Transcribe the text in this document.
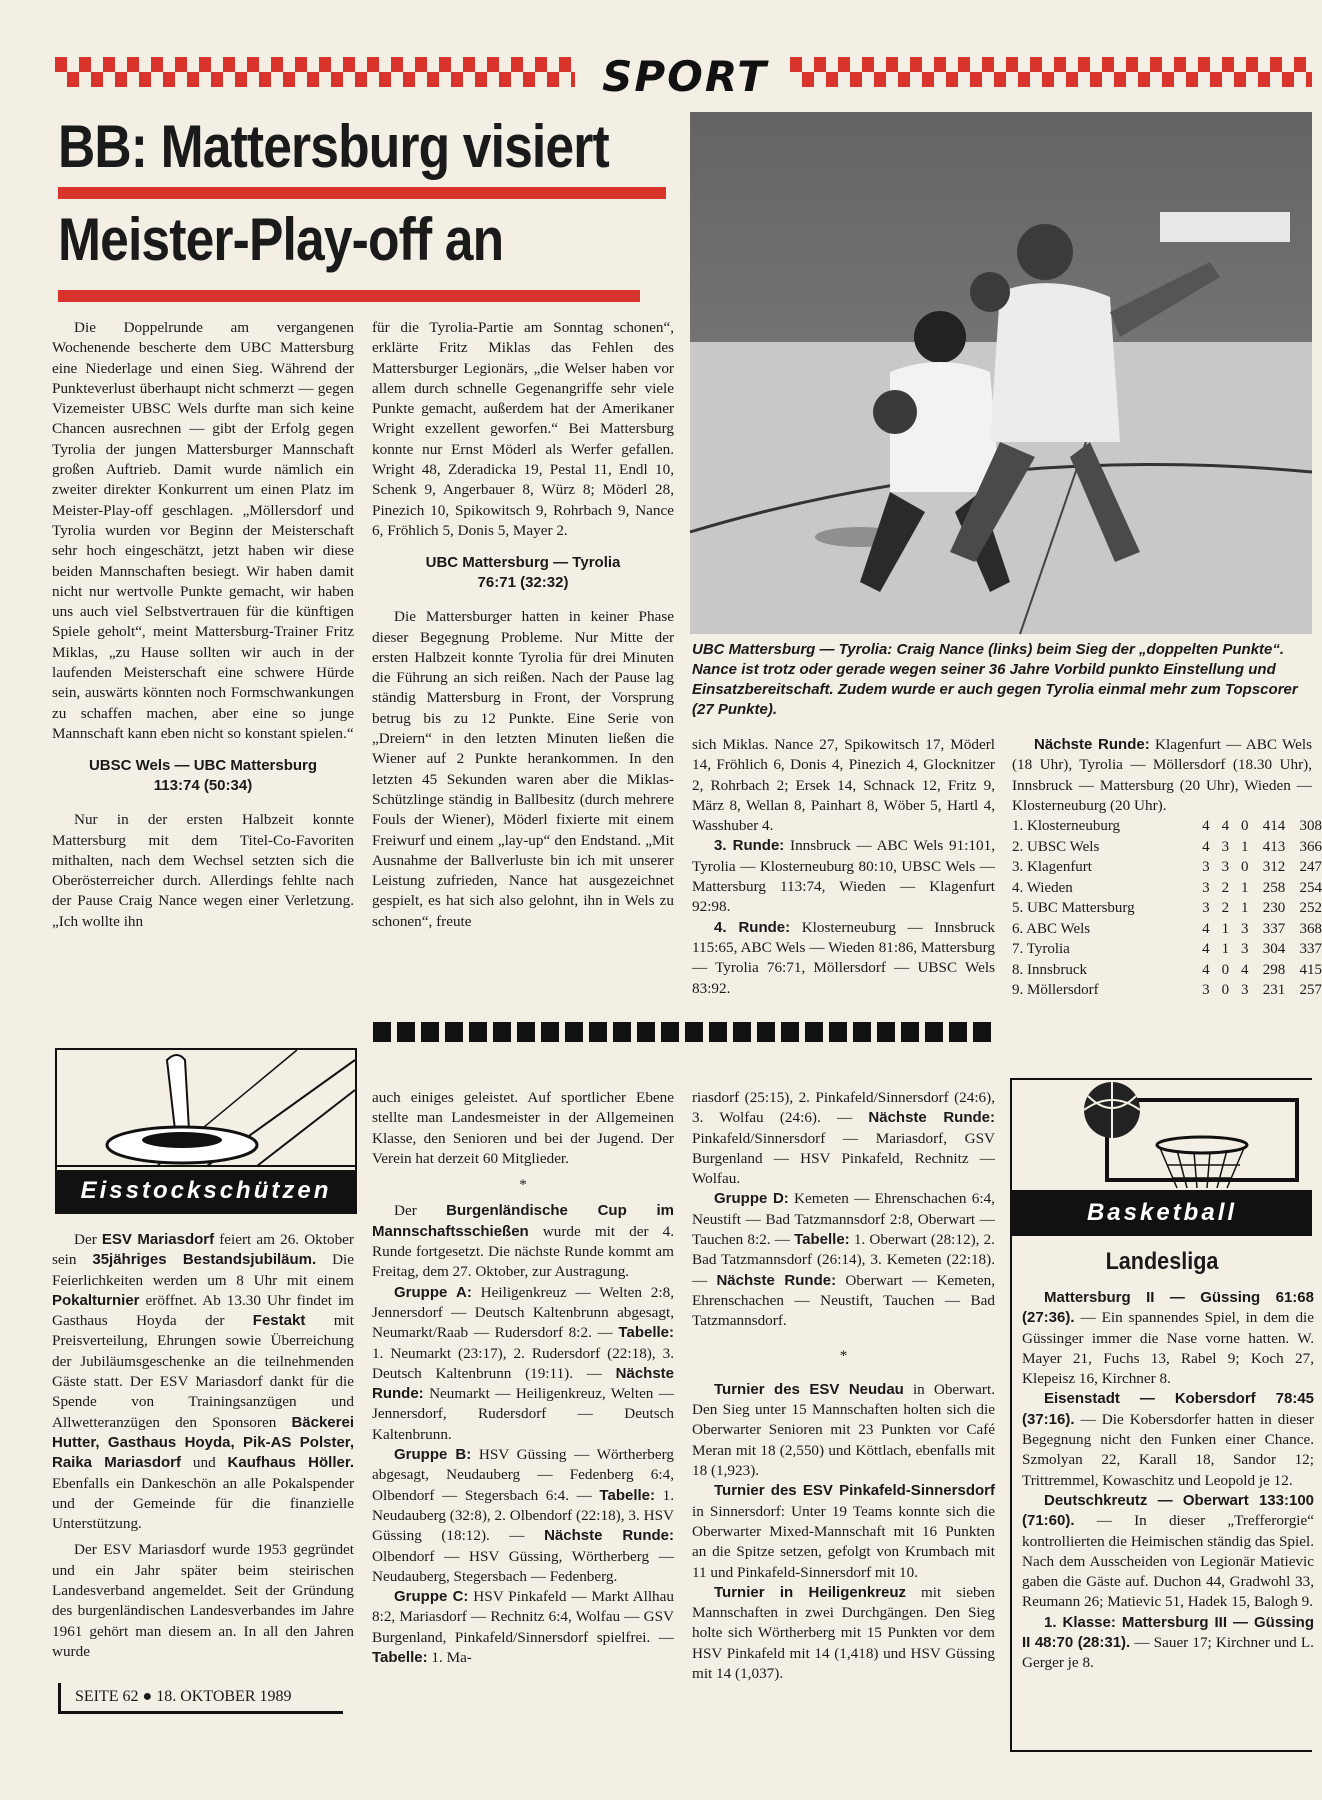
SPORT
BB: Mattersburg visiert
Meister-Play-off an

Die Doppelrunde am vergangenen Wochenende bescherte dem UBC Mattersburg eine Niederlage und einen Sieg. Während der Punkteverlust überhaupt nicht schmerzt — gegen Vizemeister UBSC Wels durfte man sich keine Chancen ausrechnen — gibt der Erfolg gegen Tyrolia der jungen Mattersburger Mannschaft großen Auftrieb. Damit wurde nämlich ein zweiter direkter Konkurrent um einen Platz im Meister-Play-off geschlagen. „Möllersdorf und Tyrolia wurden vor Beginn der Meisterschaft sehr hoch eingeschätzt, jetzt haben wir diese beiden Mannschaften besiegt. Wir haben damit nicht nur wertvolle Punkte gemacht, wir haben uns auch viel Selbstvertrauen für die künftigen Spiele geholt“, meint Mattersburg-Trainer Fritz Miklas, „zu Hause sollten wir auch in der laufenden Meisterschaft eine schwere Hürde sein, auswärts könnten noch Formschwankungen zu schaffen machen, aber eine so junge Mannschaft kann eben nicht so konstant spielen.“

UBSC Wels — UBC Mattersburg
113:74 (50:34)

Nur in der ersten Halbzeit konnte Mattersburg mit dem Titel-Co-Favoriten mithalten, nach dem Wechsel setzten sich die Oberösterreicher durch. Allerdings fehlte nach der Pause Craig Nance wegen einer Verletzung. „Ich wollte ihn

für die Tyrolia-Partie am Sonntag schonen“, erklärte Fritz Miklas das Fehlen des Mattersburger Legionärs, „die Welser haben vor allem durch schnelle Gegenangriffe sehr viele Punkte gemacht, außerdem hat der Amerikaner Wright exzellent geworfen.“ Bei Mattersburg konnte nur Ernst Möderl als Werfer gefallen. Wright 48, Zderadicka 19, Pestal 11, Endl 10, Schenk 9, Angerbauer 8, Würz 8; Möderl 28, Pinezich 10, Spikowitsch 9, Rohrbach 9, Nance 6, Fröhlich 5, Donis 5, Mayer 2.

UBC Mattersburg — Tyrolia
76:71 (32:32)

Die Mattersburger hatten in keiner Phase dieser Begegnung Probleme. Nur Mitte der ersten Halbzeit konnte Tyrolia für drei Minuten die Führung an sich reißen. Nach der Pause lag ständig Mattersburg in Front, der Vorsprung betrug bis zu 12 Punkte. Eine Serie von „Dreiern“ in den letzten Minuten ließen die Wiener auf 2 Punkte herankommen. In den letzten 45 Sekunden waren aber die Miklas-Schützlinge ständig in Ballbesitz (durch mehrere Fouls der Wiener), Möderl fixierte mit einem Freiwurf und einem „lay-up“ den Endstand. „Mit Ausnahme der Ballverluste bin ich mit unserer Leistung zufrieden, Nance hat ausgezeichnet gespielt, es hat sich also gelohnt, ihn in Wels zu schonen“, freute

UBC Mattersburg — Tyrolia: Craig Nance (links) beim Sieg der „doppelten Punkte“. Nance ist trotz oder gerade wegen seiner 36 Jahre Vorbild punkto Einstellung und Einsatzbereitschaft. Zudem wurde er auch gegen Tyrolia einmal mehr zum Topscorer (27 Punkte).

sich Miklas. Nance 27, Spikowitsch 17, Möderl 14, Fröhlich 6, Donis 4, Pinezich 4, Glocknitzer 2, Rohrbach 2; Ersek 14, Schnack 12, Fritz 9, März 8, Wellan 8, Painhart 8, Wöber 5, Hartl 4, Wasshuber 4.

3. Runde: Innsbruck — ABC Wels 91:101, Tyrolia — Klosterneuburg 80:10, UBSC Wels — Mattersburg 113:74, Wieden — Klagenfurt 92:98.

4. Runde: Klosterneuburg — Innsbruck 115:65, ABC Wels — Wieden 81:86, Mattersburg — Tyrolia 76:71, Möllersdorf — UBSC Wels 83:92.

Nächste Runde: Klagenfurt — ABC Wels (18 Uhr), Tyrolia — Möllersdorf (18.30 Uhr), Innsbruck — Mattersburg (20 Uhr), Wieden — Klosterneuburg (20 Uhr).

1. Klosterneuburg	4	4	0	414	308
2. UBSC Wels	4	3	1	413	366
3. Klagenfurt	3	3	0	312	247
4. Wieden	3	2	1	258	254
5. UBC Mattersburg	3	2	1	230	252
6. ABC Wels	4	1	3	337	368
7. Tyrolia	4	1	3	304	337
8. Innsbruck	4	0	4	298	415
9. Möllersdorf	3	0	3	231	257
Eisstockschützen

Der ESV Mariasdorf feiert am 26. Oktober sein 35jähriges Bestandsjubiläum. Die Feierlichkeiten werden um 8 Uhr mit einem Pokalturnier eröffnet. Ab 13.30 Uhr findet im Gasthaus Hoyda der Festakt mit Preisverteilung, Ehrungen sowie Überreichung der Jubiläumsgeschenke an die teilnehmenden Gäste statt. Der ESV Mariasdorf dankt für die Spende von Trainingsanzügen und Allwetteranzügen den Sponsoren Bäckerei Hutter, Gasthaus Hoyda, Pik-AS Polster, Raika Mariasdorf und Kaufhaus Höller. Ebenfalls ein Dankeschön an alle Pokalspender und der Gemeinde für die finanzielle Unterstützung.

Der ESV Mariasdorf wurde 1953 gegründet und ein Jahr später beim steirischen Landesverband angemeldet. Seit der Gründung des burgenländischen Landesverbandes im Jahre 1961 gehört man diesem an. In all den Jahren wurde

auch einiges geleistet. Auf sportlicher Ebene stellte man Landesmeister in der Allgemeinen Klasse, den Senioren und bei der Jugend. Der Verein hat derzeit 60 Mitglieder.

*

Der Burgenländische Cup im Mannschaftsschießen wurde mit der 4. Runde fortgesetzt. Die nächste Runde kommt am Freitag, dem 27. Oktober, zur Austragung.

Gruppe A: Heiligenkreuz — Welten 2:8, Jennersdorf — Deutsch Kaltenbrunn abgesagt, Neumarkt/Raab — Rudersdorf 8:2. — Tabelle: 1. Neumarkt (23:17), 2. Rudersdorf (22:18), 3. Deutsch Kaltenbrunn (19:11). — Nächste Runde: Neumarkt — Heiligenkreuz, Welten — Jennersdorf, Rudersdorf — Deutsch Kaltenbrunn.

Gruppe B: HSV Güssing — Wörtherberg abgesagt, Neudauberg — Fedenberg 6:4, Olbendorf — Stegersbach 6:4. — Tabelle: 1. Neudauberg (32:8), 2. Olbendorf (22:18), 3. HSV Güssing (18:12). — Nächste Runde: Olbendorf — HSV Güssing, Wörtherberg — Neudauberg, Stegersbach — Fedenberg.

Gruppe C: HSV Pinkafeld — Markt Allhau 8:2, Mariasdorf — Rechnitz 6:4, Wolfau — GSV Burgenland, Pinkafeld/Sinnersdorf spielfrei. — Tabelle: 1. Ma-

riasdorf (25:15), 2. Pinkafeld/Sinnersdorf (24:6), 3. Wolfau (24:6). — Nächste Runde: Pinkafeld/Sinnersdorf — Mariasdorf, GSV Burgenland — HSV Pinkafeld, Rechnitz — Wolfau.

Gruppe D: Kemeten — Ehrenschachen 6:4, Neustift — Bad Tatzmannsdorf 2:8, Oberwart — Tauchen 8:2. — Tabelle: 1. Oberwart (28:12), 2. Bad Tatzmannsdorf (26:14), 3. Kemeten (22:18). — Nächste Runde: Oberwart — Kemeten, Ehrenschachen — Neustift, Tauchen — Bad Tatzmannsdorf.

*

Turnier des ESV Neudau in Oberwart. Den Sieg unter 15 Mannschaften holten sich die Oberwarter Senioren mit 23 Punkten vor Café Meran mit 18 (2,550) und Köttlach, ebenfalls mit 18 (1,923).

Turnier des ESV Pinkafeld-Sinnersdorf in Sinnersdorf: Unter 19 Teams konnte sich die Oberwarter Mixed-Mannschaft mit 16 Punkten an die Spitze setzen, gefolgt von Krumbach mit 11 und Pinkafeld-Sinnersdorf mit 10.

Turnier in Heiligenkreuz mit sieben Mannschaften in zwei Durchgängen. Den Sieg holte sich Wörtherberg mit 15 Punkten vor dem HSV Pinkafeld mit 14 (1,418) und HSV Güssing mit 14 (1,037).

Basketball
Landesliga

Mattersburg II — Güssing 61:68 (27:36). — Ein spannendes Spiel, in dem die Güssinger immer die Nase vorne hatten. W. Mayer 21, Fuchs 13, Rabel 9; Koch 27, Klepeisz 16, Kirchner 8.

Eisenstadt — Kobersdorf 78:45 (37:16). — Die Kobersdorfer hatten in dieser Begegnung nicht den Funken einer Chance. Szmolyan 22, Karall 18, Sandor 12; Trittremmel, Kowaschitz und Leopold je 12.

Deutschkreutz — Oberwart 133:100 (71:60). — In dieser „Trefferorgie“ kontrollierten die Heimischen ständig das Spiel. Nach dem Ausscheiden von Legionär Matievic gaben die Gäste auf. Duchon 44, Gradwohl 33, Reumann 26; Matievic 51, Hadek 15, Balogh 9.

1. Klasse: Mattersburg III — Güssing II 48:70 (28:31). — Sauer 17; Kirchner und L. Gerger je 8.

SEITE 62 ● 18. OKTOBER 1989
